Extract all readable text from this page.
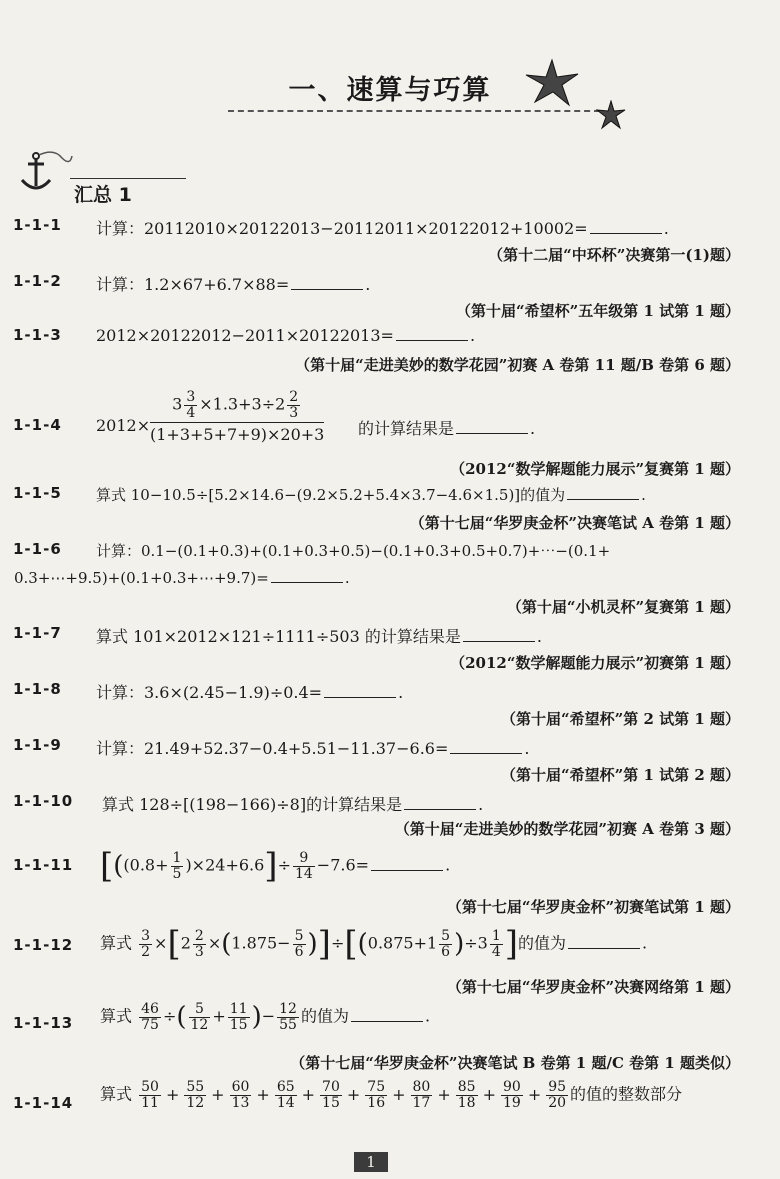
一、速算与巧算
汇总 1
1-1-1 计算：20112010×20122013−20112011×20122012+10002=	.
（第十二届“中环杯”决赛第一(1)题）
1-1-2 计算：1.2×67+6.7×88=	.
（第十届“希望杯”五年级第 1 试第 1 题）
1-1-3 2012×20122012−2011×20122013=	.
（第十届“走进美妙的数学花园”初赛 A 卷第 11 题/B 卷第 6 题）
1-1-4 $2012\times \frac{3 \frac{3}{4} \times 1.3+3\div 2 \frac{2}{3}}{(1+3+5+7+9)\times 20+3}$ 的计算结果是	.
（2012“数学解题能力展示”复赛第 1 题）
1-1-5 算式 10−10.5÷[5.2×14.6−(9.2×5.2+5.4×3.7−4.6×1.5)]的值为	.
（第十七届“华罗庚金杯”决赛笔试 A 卷第 1 题）
1-1-6 计算：0.1−(0.1+0.3)+(0.1+0.3+0.5)−(0.1+0.3+0.5+0.7)+⋯−(0.1+
0.3+⋯+9.5)+(0.1+0.3+⋯+9.7)=	.
（第十届“小机灵杯”复赛第 1 题）
1-1-7 算式 101×2012×121÷1111÷503 的计算结果是	.
（2012“数学解题能力展示”初赛第 1 题）
1-1-8 计算：3.6×(2.45−1.9)÷0.4=	.
（第十届“希望杯”第 2 试第 1 题）
1-1-9 计算：21.49+52.37−0.4+5.51−11.37−6.6=	.
（第十届“希望杯”第 1 试第 2 题）
1-1-10 算式 128÷[(198−166)÷8]的计算结果是	.
（第十届“走进美妙的数学花园”初赛 A 卷第 3 题）
1-1-11 [$((0.8+ \frac{1}{5} )\times 24+6.6]\div \frac{9}{14} -7.6=$	.
（第十七届“华罗庚金杯”初赛笔试第 1 题）
1-1-12 算式 $\frac{3}{2} \times[2 \frac{2}{3} \times(1.875- \frac{5}{6} )]\div[(0.875+1 \frac{5}{6} )\div 3 \frac{1}{4}$ ]的值为	.
（第十七届“华罗庚金杯”决赛网络第 1 题）
1-1-13 算式 $\frac{46}{75}$ ÷( $\frac{5}{12} + \frac{11}{15}$ )− $\frac{12}{55}$ 的值为	.
（第十七届“华罗庚金杯”决赛笔试 B 卷第 1 题/C 卷第 1 题类似）
1-1-14 算式 $\frac{50}{11} + \frac{55}{12} + \frac{60}{13} + \frac{65}{14} + \frac{70}{15} + \frac{75}{16} + \frac{80}{17} + \frac{85}{18} + \frac{90}{19} + \frac{95}{20}$ 的值的整数部分
1
